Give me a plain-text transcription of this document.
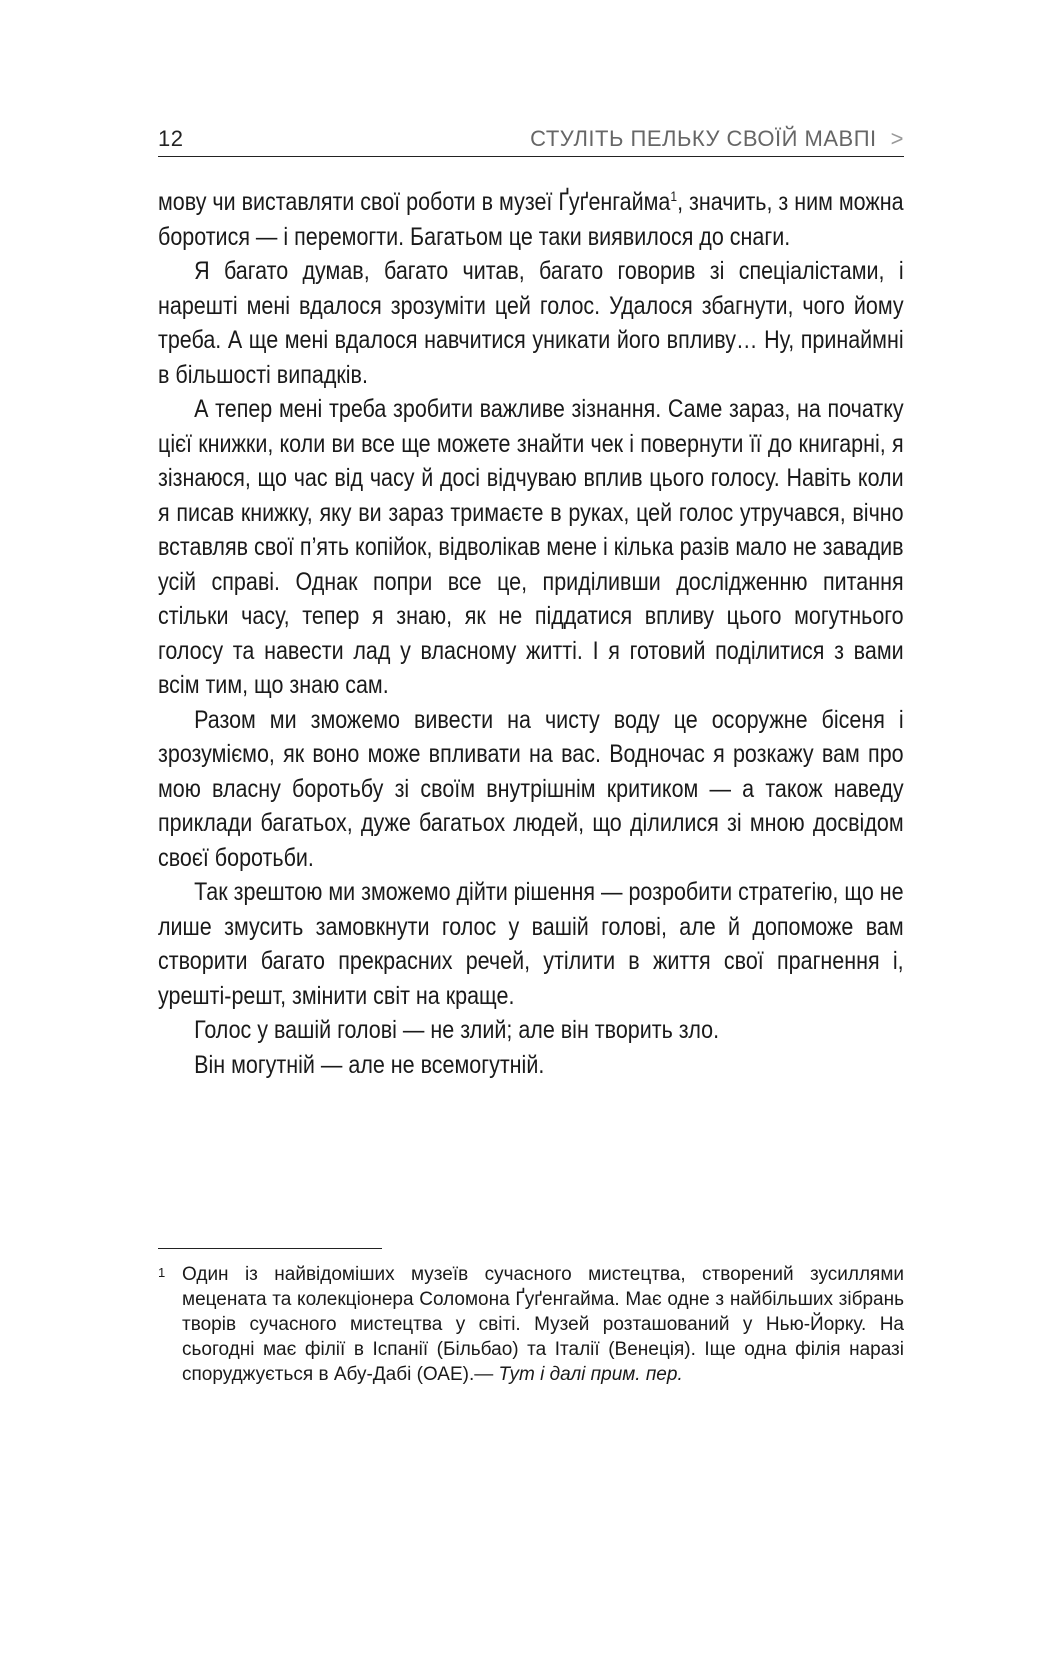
12	СТУЛІТЬ ПЕЛЬКУ СВОЇЙ МАВПІ >

мову чи виставляти свої роботи в музеї Ґуґенгайма$^1$, значить, з ним можна боротися — і перемогти. Багатьом це таки виявилося до снаги.

Я багато думав, багато читав, багато говорив зі спеціалістами, і нарешті мені вдалося зрозуміти цей голос. Удалося збагнути, чого йому треба. А ще мені вдалося навчитися уникати його впливу… Ну, принаймні в більшості випадків.

А тепер мені треба зробити важливе зізнання. Саме зараз, на початку цієї книжки, коли ви все ще можете знайти чек і повернути її до книгарні, я зізнаюся, що час від часу й досі відчуваю вплив цього голосу. Навіть коли я писав книжку, яку ви зараз тримаєте в руках, цей голос утручався, вічно вставляв свої п’ять копійок, відволікав мене і кілька разів мало не завадив усій справі. Однак попри все це, приділивши дослідженню питання стільки часу, тепер я знаю, як не піддатися впливу цього могутнього голосу та навести лад у власному житті. І я готовий поділитися з вами всім тим, що знаю сам.

Разом ми зможемо вивести на чисту воду це осоружне бісеня і зрозуміємо, як воно може впливати на вас. Водночас я розкажу вам про мою власну боротьбу зі своїм внутрішнім критиком — а також наведу приклади багатьох, дуже багатьох людей, що ділилися зі мною досвідом своєї боротьби.

Так зрештою ми зможемо дійти рішення — розробити стратегію, що не лише змусить замовкнути голос у вашій голові, але й допоможе вам створити багато прекрасних речей, утілити в життя свої прагнення і, урешті-решт, змінити світ на краще.

Голос у вашій голові — не злий; але він творить зло.

Він могутній — але не всемогутній.

1 Один із найвідоміших музеїв сучасного мистецтва, створений зусиллями мецената та колекціонера Соломона Ґуґенгайма. Має одне з найбільших зібрань творів сучасного мистецтва у світі. Музей розташований у Нью-Йорку. На сьогодні має філії в Іспанії (Більбао) та Італії (Венеція). Іще одна філія наразі споруджується в Абу-Дабі (ОАЕ).— Тут і далі прим. пер.
